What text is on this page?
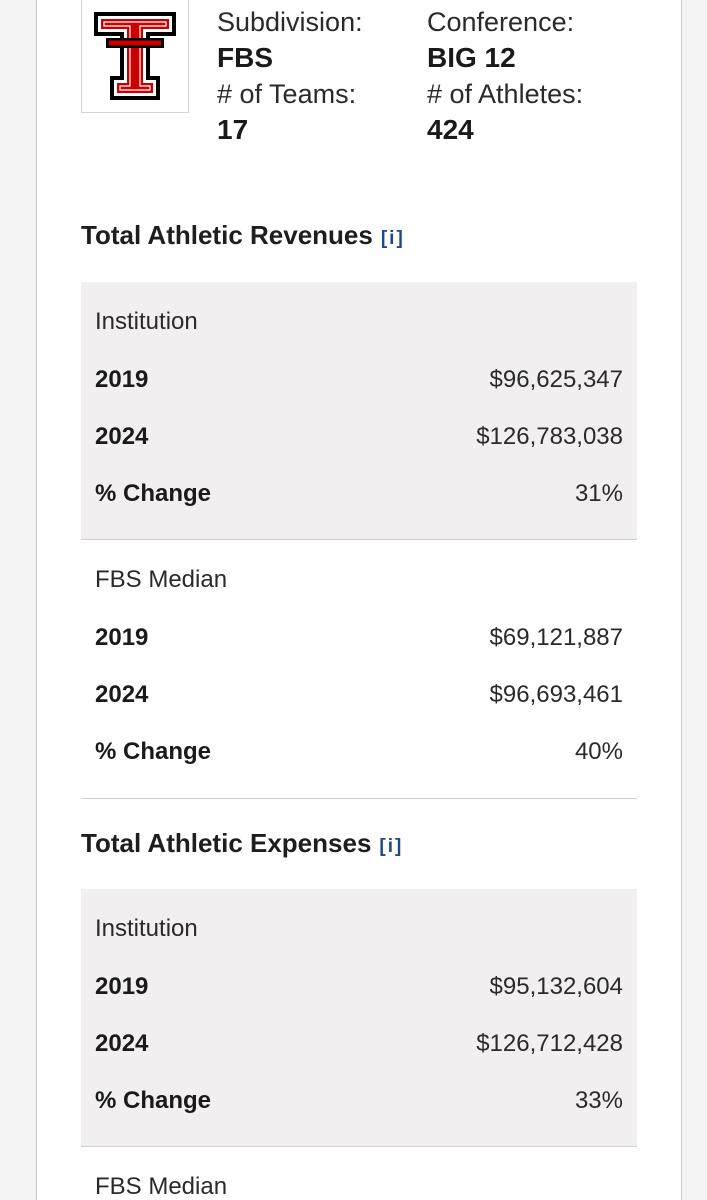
Subdivision:
FBS
# of Teams:
17
Conference:
BIG 12
# of Athletes:
424
Total Athletic Revenues [i]
Institution
2019	$96,625,347
2024	$126,783,038
% Change	31%
FBS Median
2019	$69,121,887
2024	$96,693,461
% Change	40%
Total Athletic Expenses [i]
Institution
2019	$95,132,604
2024	$126,712,428
% Change	33%
FBS Median
